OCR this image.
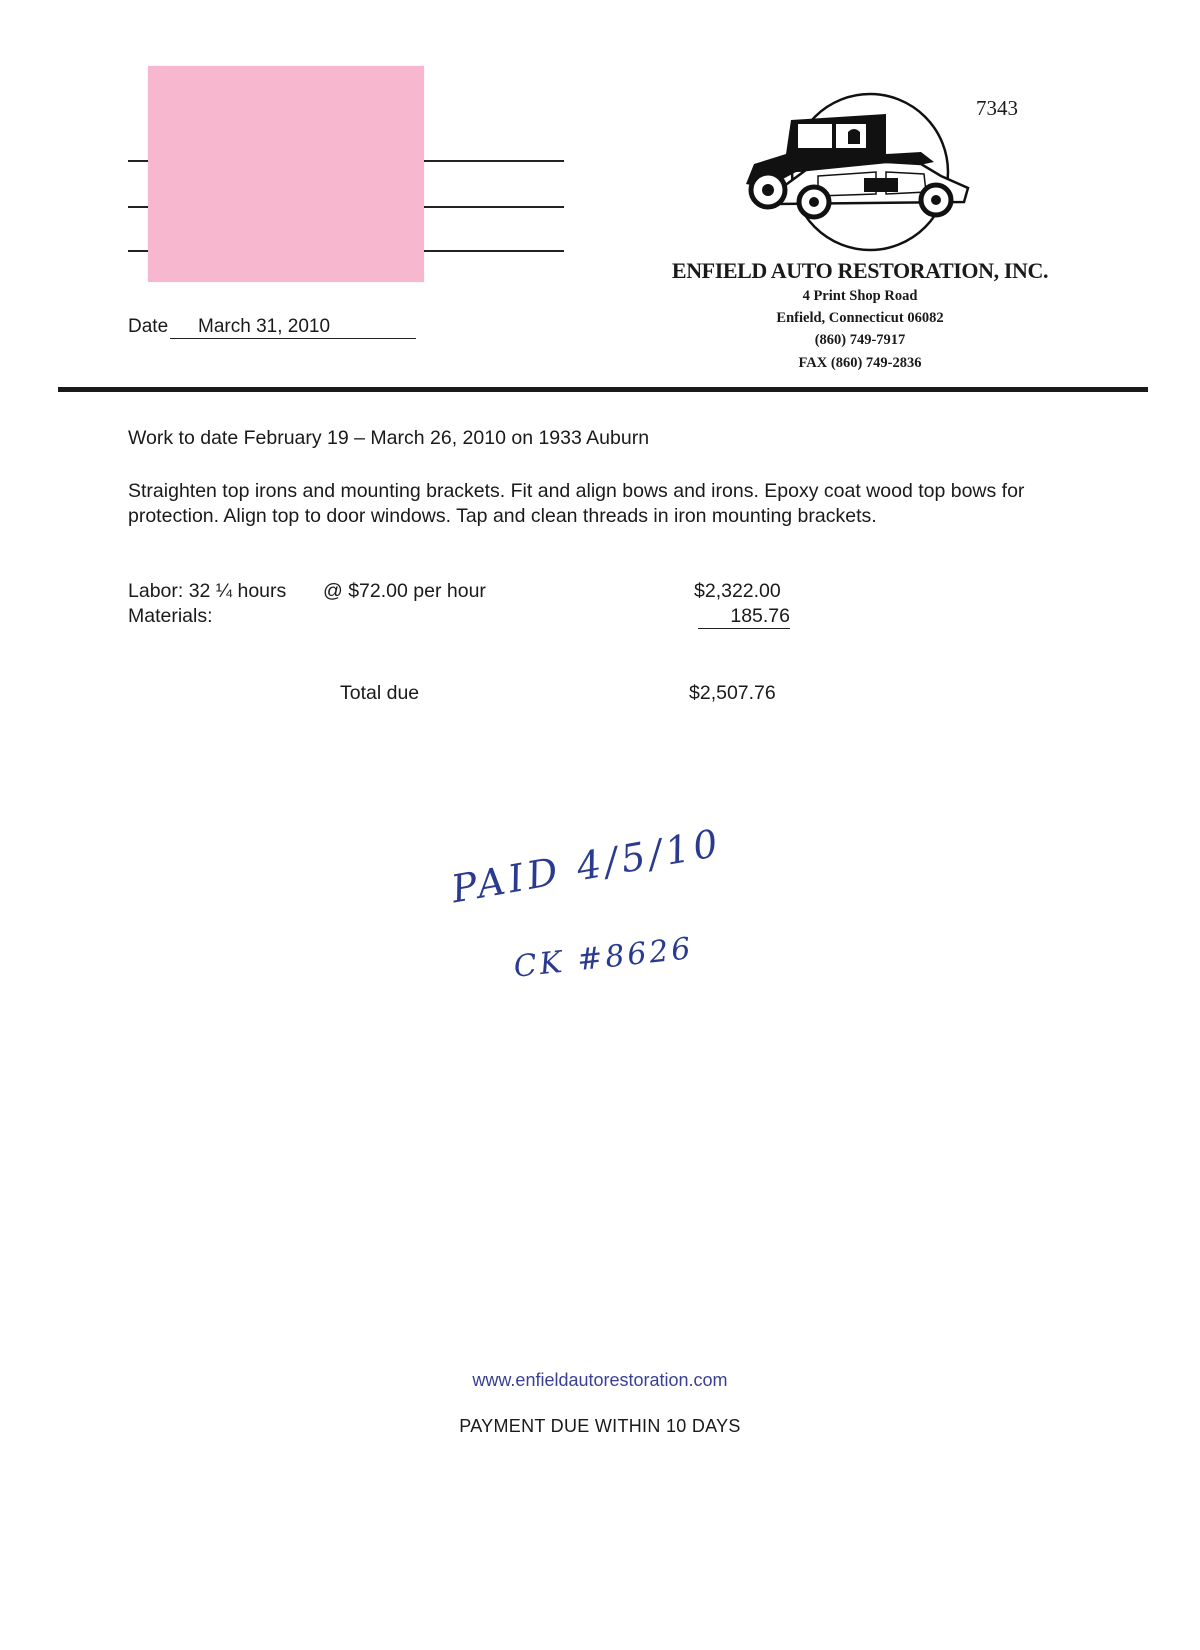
Date	March 31, 2010
7343
ENFIELD AUTO RESTORATION, INC.
4 Print Shop Road
Enfield, Connecticut 06082
(860) 749-7917
FAX (860) 749-2836
Work to date February 19 – March 26, 2010 on 1933 Auburn
Straighten top irons and mounting brackets. Fit and align bows and irons. Epoxy coat wood top bows for protection. Align top to door windows. Tap and clean threads in iron mounting brackets.
Labor: 32 ¼ hours @ $72.00 per hour	$2,322.00
Materials:	185.76
Total due	$2,507.76
PAID 4/5/10
CK #8626
www.enfieldautorestoration.com
PAYMENT DUE WITHIN 10 DAYS
